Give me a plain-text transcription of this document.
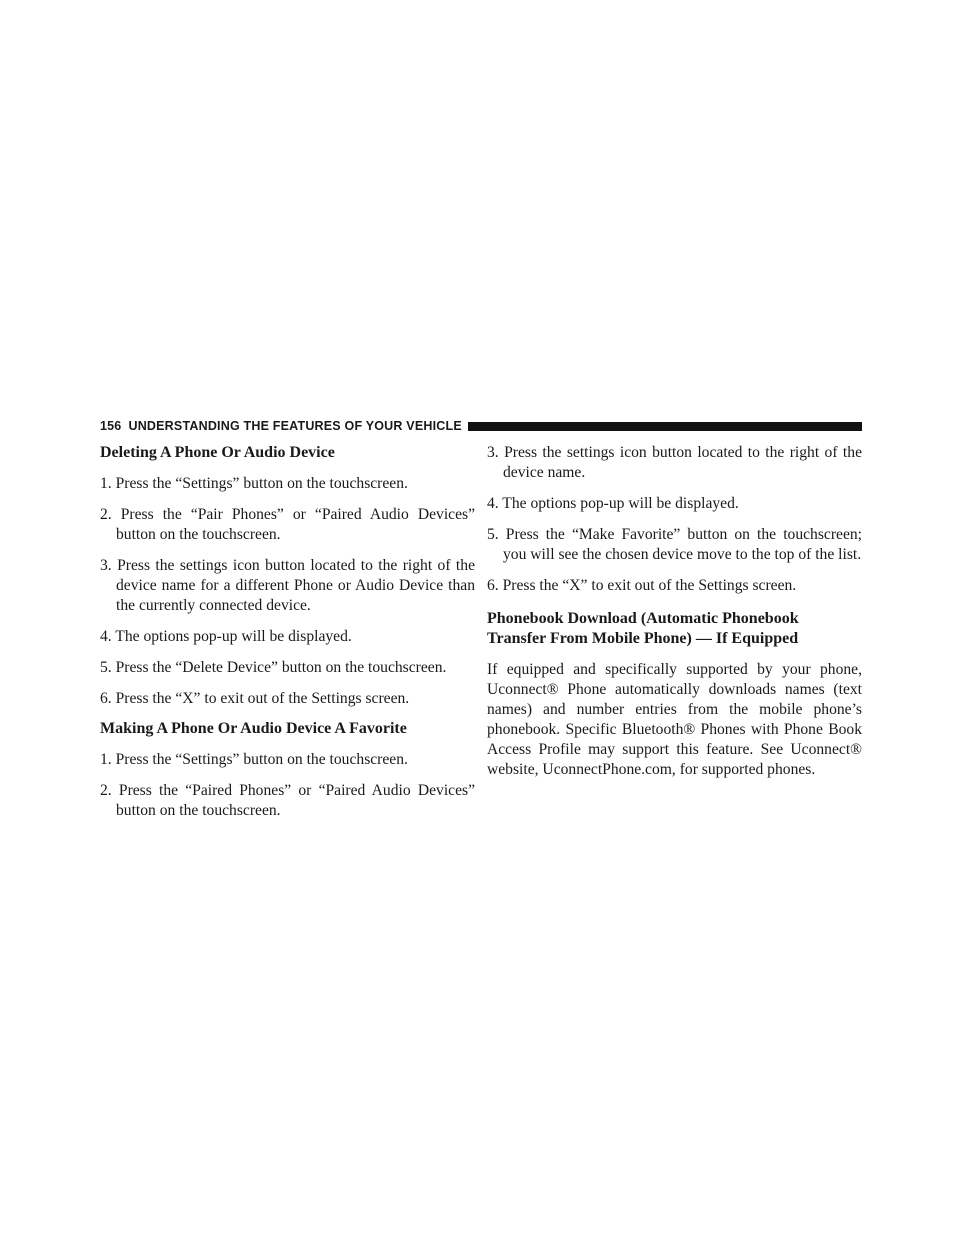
156 UNDERSTANDING THE FEATURES OF YOUR VEHICLE
Deleting A Phone Or Audio Device
1. Press the “Settings” button on the touchscreen.
2. Press the “Pair Phones” or “Paired Audio Devices” button on the touchscreen.
3. Press the settings icon button located to the right of the device name for a different Phone or Audio Device than the currently connected device.
4. The options pop-up will be displayed.
5. Press the “Delete Device” button on the touchscreen.
6. Press the “X” to exit out of the Settings screen.
Making A Phone Or Audio Device A Favorite
1. Press the “Settings” button on the touchscreen.
2. Press the “Paired Phones” or “Paired Audio Devices” button on the touchscreen.
3. Press the settings icon button located to the right of the device name.
4. The options pop-up will be displayed.
5. Press the “Make Favorite” button on the touchscreen; you will see the chosen device move to the top of the list.
6. Press the “X” to exit out of the Settings screen.
Phonebook Download (Automatic Phonebook
Transfer From Mobile Phone) — If Equipped

If equipped and specifically supported by your phone, Uconnect® Phone automatically downloads names (text names) and number entries from the mobile phone’s phonebook. Specific Bluetooth® Phones with Phone Book Access Profile may support this feature. See Uconnect® website, UconnectPhone.com, for supported phones.
